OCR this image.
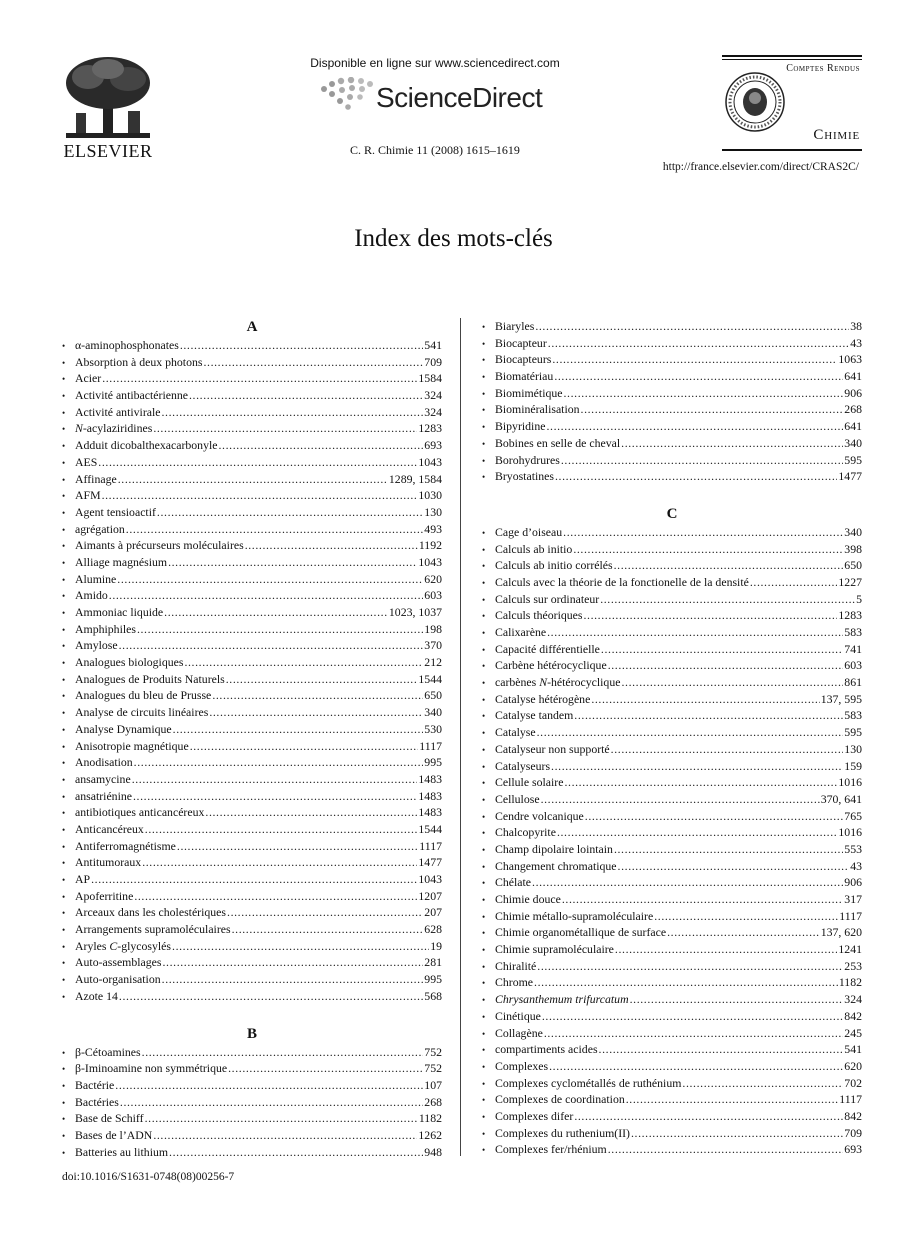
ELSEVIER
Disponible en ligne sur www.sciencedirect.com
ScienceDirect
C. R. Chimie 11 (2008) 1615–1619
Comptes Rendus
Chimie
http://france.elsevier.com/direct/CRAS2C/
Index des mots-clés
A
• α-aminophosphonates .....	541
• Absorption à deux photons .....	709
• Acier .....	1584
• Activité antibactérienne .....	324
• Activité antivirale .....	324
• N-acylaziridines .....	1283
• Adduit dicobalthexacarbonyle .....	693
• AES .....	1043
• Affinage .....	1289, 1584
• AFM .....	1030
• Agent tensioactif .....	130
• agrégation .....	493
• Aimants à précurseurs moléculaires .....	1192
• Alliage magnésium .....	1043
• Alumine .....	620
• Amido .....	603
• Ammoniac liquide .....	1023, 1037
• Amphiphiles .....	198
• Amylose .....	370
• Analogues biologiques .....	212
• Analogues de Produits Naturels .....	1544
• Analogues du bleu de Prusse .....	650
• Analyse de circuits linéaires .....	340
• Analyse Dynamique .....	530
• Anisotropie magnétique .....	1117
• Anodisation .....	995
• ansamycine .....	1483
• ansatriénine .....	1483
• antibiotiques anticancéreux .....	1483
• Anticancéreux .....	1544
• Antiferromagnétisme .....	1117
• Antitumoraux .....	1477
• AP .....	1043
• Apoferritine .....	1207
• Arceaux dans les cholestériques .....	207
• Arrangements supramoléculaires .....	628
• Aryles C-glycosylés .....	19
• Auto-assemblages .....	281
• Auto-organisation .....	995
• Azote 14 .....	568
B
• β-Cétoamines .....	752
• β-Iminoamine non symmétrique .....	752
• Bactérie .....	107
• Bactéries .....	268
• Base de Schiff .....	1182
• Bases de l’ADN .....	1262
• Batteries au lithium .....	948
• Biaryles .....	38
• Biocapteur .....	43
• Biocapteurs .....	1063
• Biomatériau .....	641
• Biomimétique .....	906
• Biominéralisation .....	268
• Bipyridine .....	641
• Bobines en selle de cheval .....	340
• Borohydrures .....	595
• Bryostatines .....	1477
C
• Cage d’oiseau .....	340
• Calculs ab initio .....	398
• Calculs ab initio corrélés .....	650
• Calculs avec la théorie de la fonctionelle de la densité .....	1227
• Calculs sur ordinateur .....	5
• Calculs théoriques .....	1283
• Calixarène .....	583
• Capacité différentielle .....	741
• Carbène hétérocyclique .....	603
• carbènes N-hétérocyclique .....	861
• Catalyse hétérogène .....	137, 595
• Catalyse tandem .....	583
• Catalyse .....	595
• Catalyseur non supporté .....	130
• Catalyseurs .....	159
• Cellule solaire .....	1016
• Cellulose .....	370, 641
• Cendre volcanique .....	765
• Chalcopyrite .....	1016
• Champ dipolaire lointain .....	553
• Changement chromatique .....	43
• Chélate .....	906
• Chimie douce .....	317
• Chimie métallo-supramoléculaire .....	1117
• Chimie organométallique de surface .....	137, 620
• Chimie supramoléculaire .....	1241
• Chiralité .....	253
• Chrome .....	1182
• Chrysanthemum trifurcatum .....	324
• Cinétique .....	842
• Collagène .....	245
• compartiments acides .....	541
• Complexes .....	620
• Complexes cyclométallés de ruthénium .....	702
• Complexes de coordination .....	1117
• Complexes difer .....	842
• Complexes du ruthenium(II) .....	709
• Complexes fer/rhénium .....	693
doi:10.1016/S1631-0748(08)00256-7
